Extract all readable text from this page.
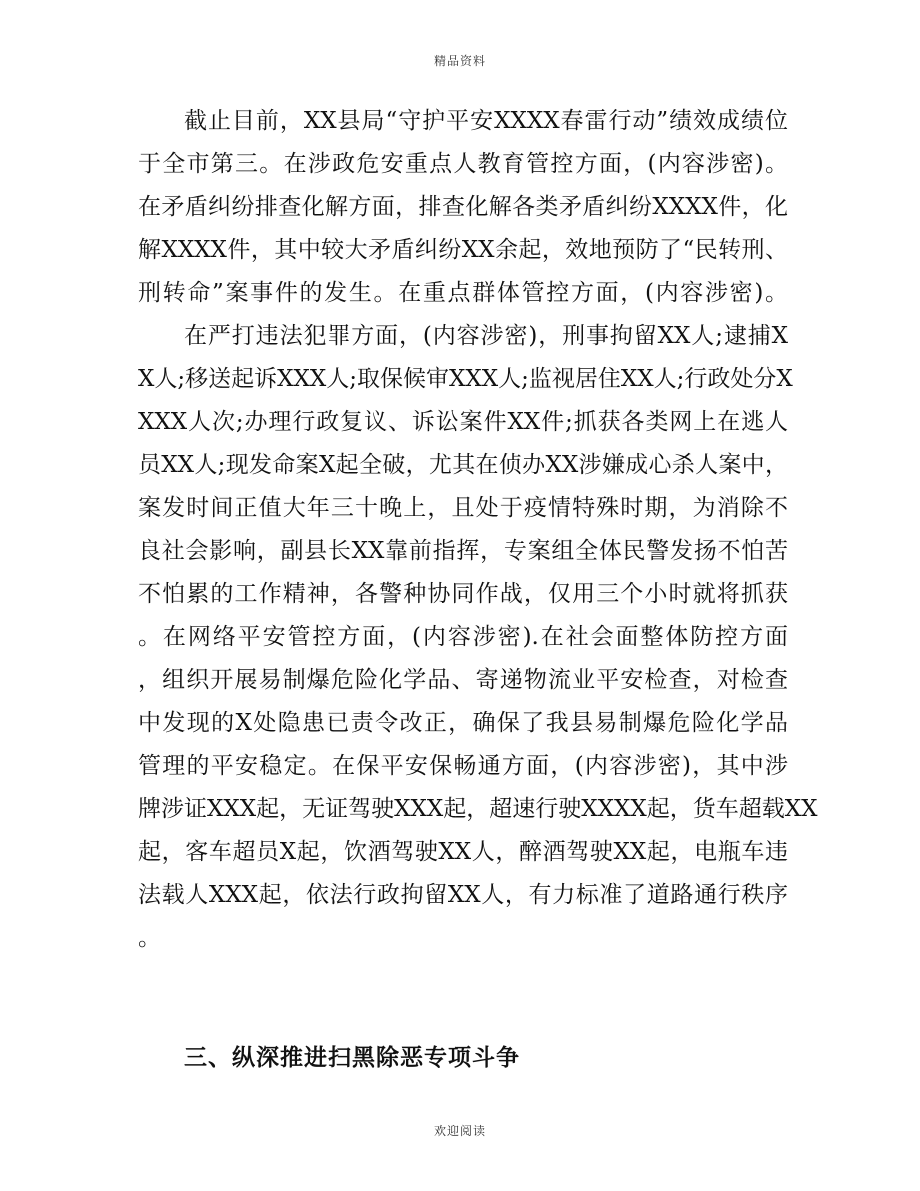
精品资料
截止目前，XX县局“守护平安XXXX春雷行动”绩效成绩位
于全市第三。在涉政危安重点人教育管控方面，(内容涉密)。
在矛盾纠纷排查化解方面，排查化解各类矛盾纠纷XXXX件，化
解XXXX件，其中较大矛盾纠纷XX余起，效地预防了“民转刑、
刑转命”案事件的发生。在重点群体管控方面，(内容涉密)。
在严打违法犯罪方面，(内容涉密)，刑事拘留XX人;逮捕X
X人;移送起诉XXX人;取保候审XXX人;监视居住XX人;行政处分X
XXX人次;办理行政复议、诉讼案件XX件;抓获各类网上在逃人
员XX人;现发命案X起全破，尤其在侦办XX涉嫌成心杀人案中，
案发时间正值大年三十晚上，且处于疫情特殊时期，为消除不
良社会影响，副县长XX靠前指挥，专案组全体民警发扬不怕苦
不怕累的工作精神，各警种协同作战，仅用三个小时就将抓获
。在网络平安管控方面，(内容涉密).在社会面整体防控方面
，组织开展易制爆危险化学品、寄递物流业平安检查，对检查
中发现的X处隐患已责令改正，确保了我县易制爆危险化学品
管理的平安稳定。在保平安保畅通方面，(内容涉密)，其中涉
牌涉证XXX起，无证驾驶XXX起，超速行驶XXXX起，货车超载XX
起，客车超员X起，饮酒驾驶XX人，醉酒驾驶XX起，电瓶车违
法载人XXX起，依法行政拘留XX人，有力标准了道路通行秩序
。
三、纵深推进扫黑除恶专项斗争
欢迎阅读
